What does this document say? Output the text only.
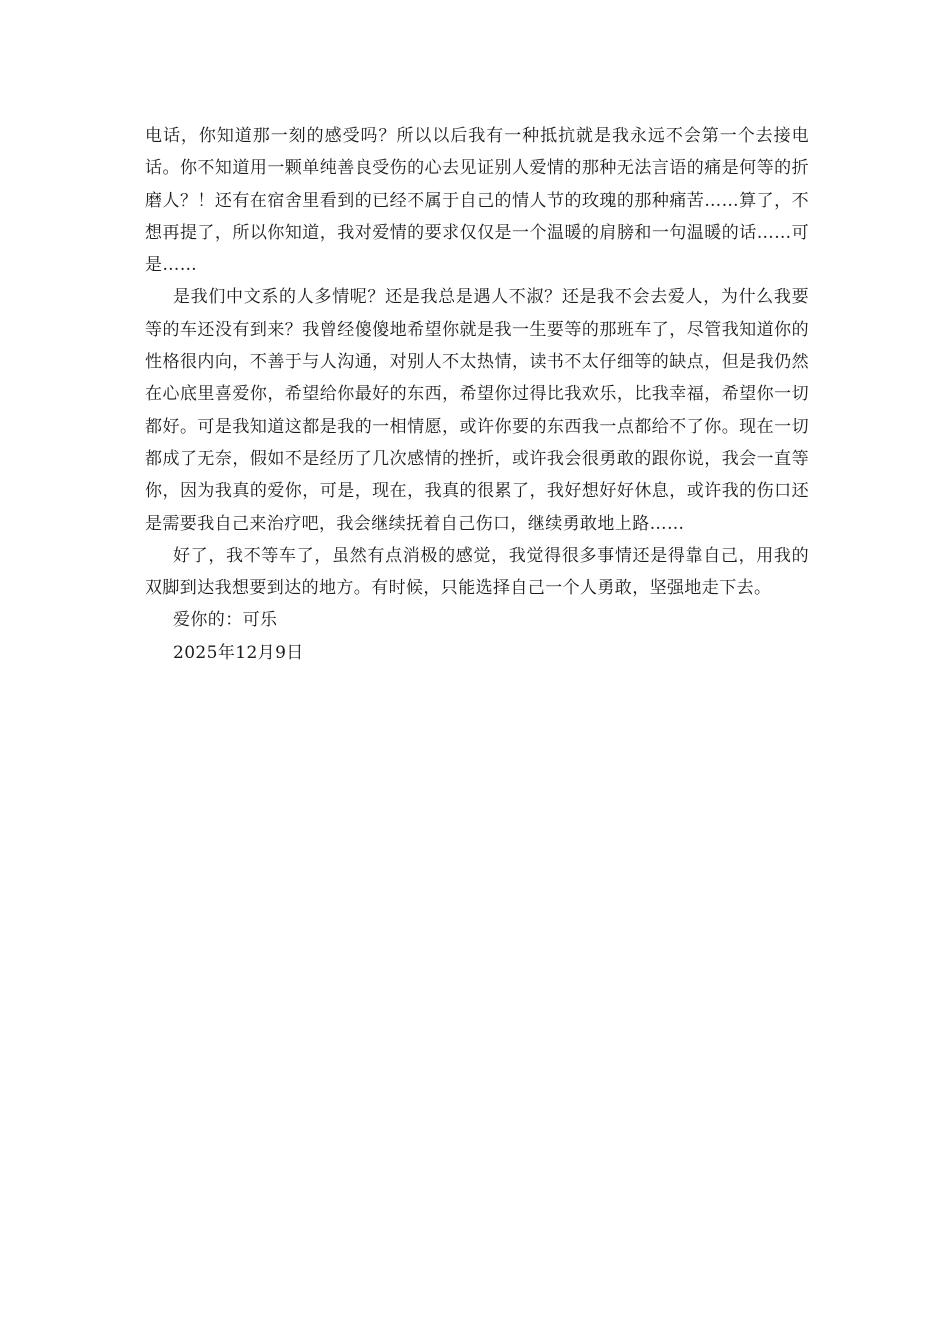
电话，你知道那一刻的感受吗？所以以后我有一种抵抗就是我永远不会第一个去接电话。你不知道用一颗单纯善良受伤的心去见证别人爱情的那种无法言语的痛是何等的折磨人？！还有在宿舍里看到的已经不属于自己的情人节的玫瑰的那种痛苦……算了，不想再提了，所以你知道，我对爱情的要求仅仅是一个温暖的肩膀和一句温暖的话……可是……

是我们中文系的人多情呢？还是我总是遇人不淑？还是我不会去爱人，为什么我要等的车还没有到来？我曾经傻傻地希望你就是我一生要等的那班车了，尽管我知道你的性格很内向，不善于与人沟通，对别人不太热情，读书不太仔细等的缺点，但是我仍然在心底里喜爱你，希望给你最好的东西，希望你过得比我欢乐，比我幸福，希望你一切都好。可是我知道这都是我的一相情愿，或许你要的东西我一点都给不了你。现在一切都成了无奈，假如不是经历了几次感情的挫折，或许我会很勇敢的跟你说，我会一直等你，因为我真的爱你，可是，现在，我真的很累了，我好想好好休息，或许我的伤口还是需要我自己来治疗吧，我会继续抚着自己伤口，继续勇敢地上路……

好了，我不等车了，虽然有点消极的感觉，我觉得很多事情还是得靠自己，用我的双脚到达我想要到达的地方。有时候，只能选择自己一个人勇敢，坚强地走下去。

爱你的：可乐

2025年12月9日
